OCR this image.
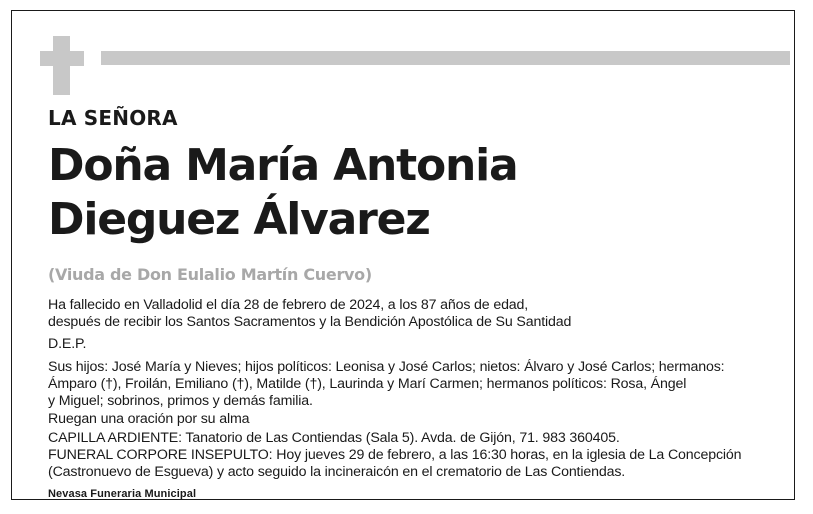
LA SEÑORA
Doña María Antonia
Dieguez Álvarez
(Viuda de Don Eulalio Martín Cuervo)
Ha fallecido en Valladolid el día 28 de febrero de 2024, a los 87 años de edad,
después de recibir los Santos Sacramentos y la Bendición Apostólica de Su Santidad
D.E.P.
Sus hijos: José María y Nieves; hijos políticos: Leonisa y José Carlos; nietos: Álvaro y José Carlos; hermanos:
Ámparo (†), Froilán, Emiliano (†), Matilde (†), Laurinda y Marí Carmen; hermanos políticos: Rosa, Ángel
y Miguel; sobrinos, primos y demás familia.
Ruegan una oración por su alma
CAPILLA ARDIENTE: Tanatorio de Las Contiendas (Sala 5). Avda. de Gijón, 71. 983 360405.
FUNERAL CORPORE INSEPULTO: Hoy jueves 29 de febrero, a las 16:30 horas, en la iglesia de La Concepción
(Castronuevo de Esgueva) y acto seguido la incineraicón en el crematorio de Las Contiendas.
Nevasa Funeraria Municipal
